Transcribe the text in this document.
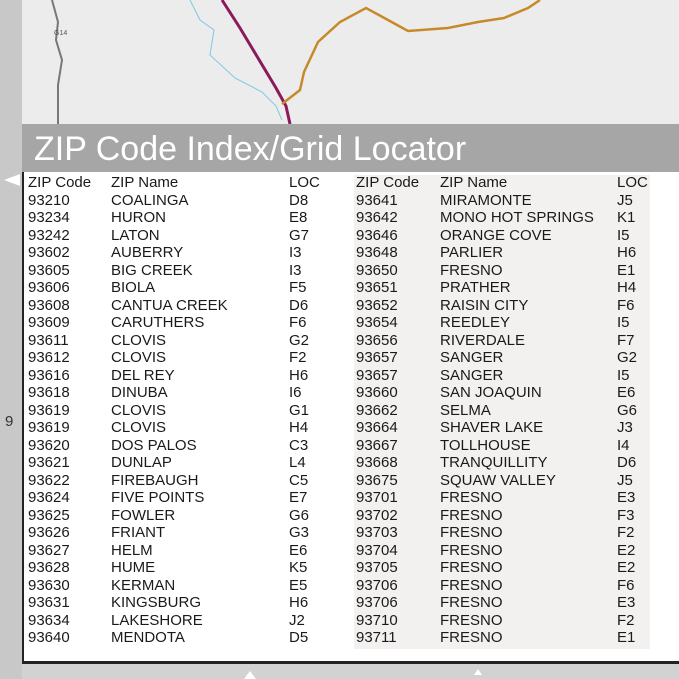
G14
9
ZIP Code Index/Grid Locator
ZIP Code ZIP Name	LOC ZIP Code ZIP Name	LOC
93210	COALINGA	D8	93641	MIRAMONTE	J5
93234	HURON	E8	93642	MONO HOT SPRINGS K1
93242	LATON	G7	93646	ORANGE COVE	I5
93602	AUBERRY	I3	93648	PARLIER	H6
93605	BIG CREEK	I3	93650	FRESNO	E1
93606	BIOLA	F5	93651	PRATHER	H4
93608	CANTUA CREEK	D6	93652	RAISIN CITY	F6
93609	CARUTHERS	F6	93654	REEDLEY	I5
93611	CLOVIS	G2	93656	RIVERDALE	F7
93612	CLOVIS	F2	93657	SANGER	G2
93616	DEL REY	H6	93657	SANGER	I5
93618	DINUBA	I6	93660	SAN JOAQUIN	E6
93619	CLOVIS	G1	93662	SELMA	G6
93619	CLOVIS	H4	93664	SHAVER LAKE	J3
93620	DOS PALOS	C3	93667	TOLLHOUSE	I4
93621	DUNLAP	L4	93668	TRANQUILLITY	D6
93622	FIREBAUGH	C5	93675	SQUAW VALLEY	J5
93624	FIVE POINTS	E7	93701	FRESNO	E3
93625	FOWLER	G6	93702	FRESNO	F3
93626	FRIANT	G3	93703	FRESNO	F2
93627	HELM	E6	93704	FRESNO	E2
93628	HUME	K5	93705	FRESNO	E2
93630	KERMAN	E5	93706	FRESNO	F6
93631	KINGSBURG	H6	93706	FRESNO	E3
93634	LAKESHORE	J2	93710	FRESNO	F2
93640	MENDOTA	D5	93711	FRESNO	E1
